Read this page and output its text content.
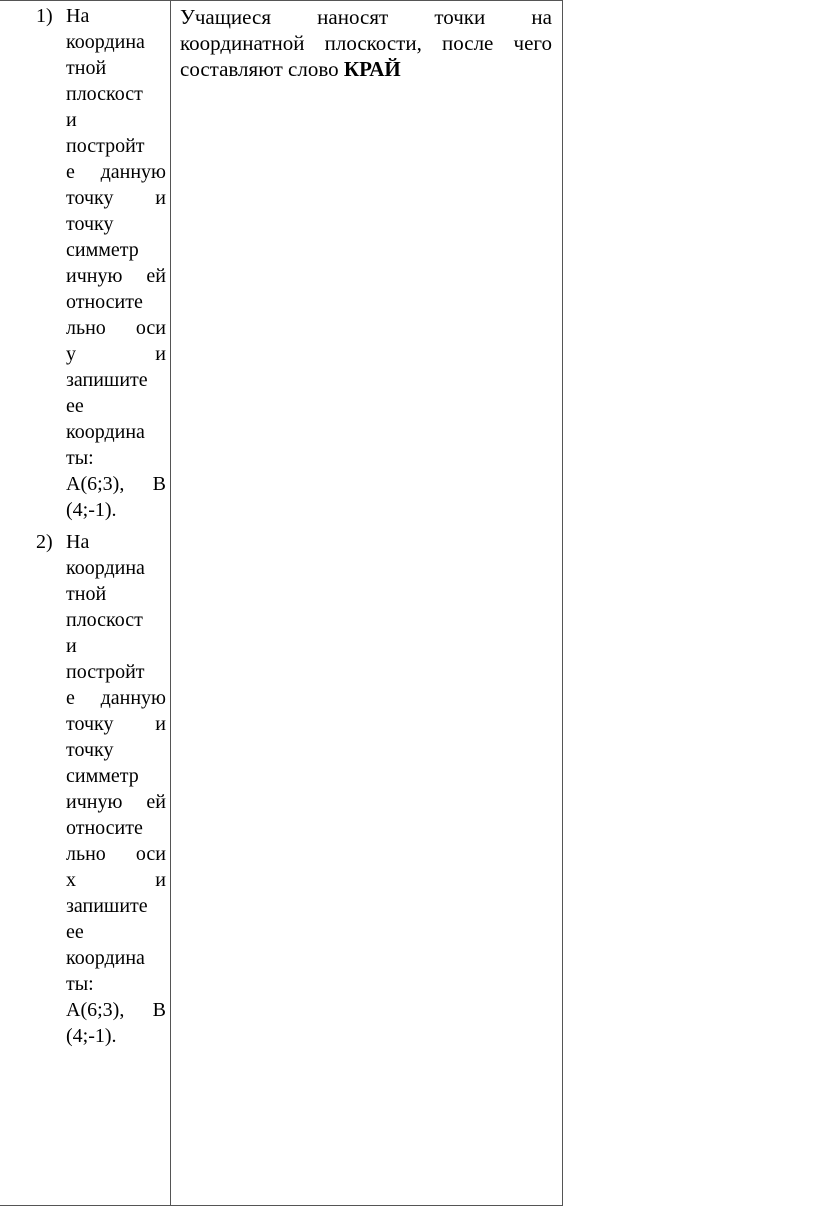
1) На
координа
тной
плоскост
и
постройт
е данную
точку и
точку
симметр
ичную ей
относите
льно оси
у и
запишите
ее
координа
ты:
А(6;3), В
(4;-1).
2) На
координа
тной
плоскост
и
постройт
е данную
точку и
точку
симметр
ичную ей
относите
льно оси
х и
запишите
ее
координа
ты:
А(6;3), В
(4;-1).
Учащиеся наносят точки на
координатной плоскости, после чего
составляют слово КРАЙ
